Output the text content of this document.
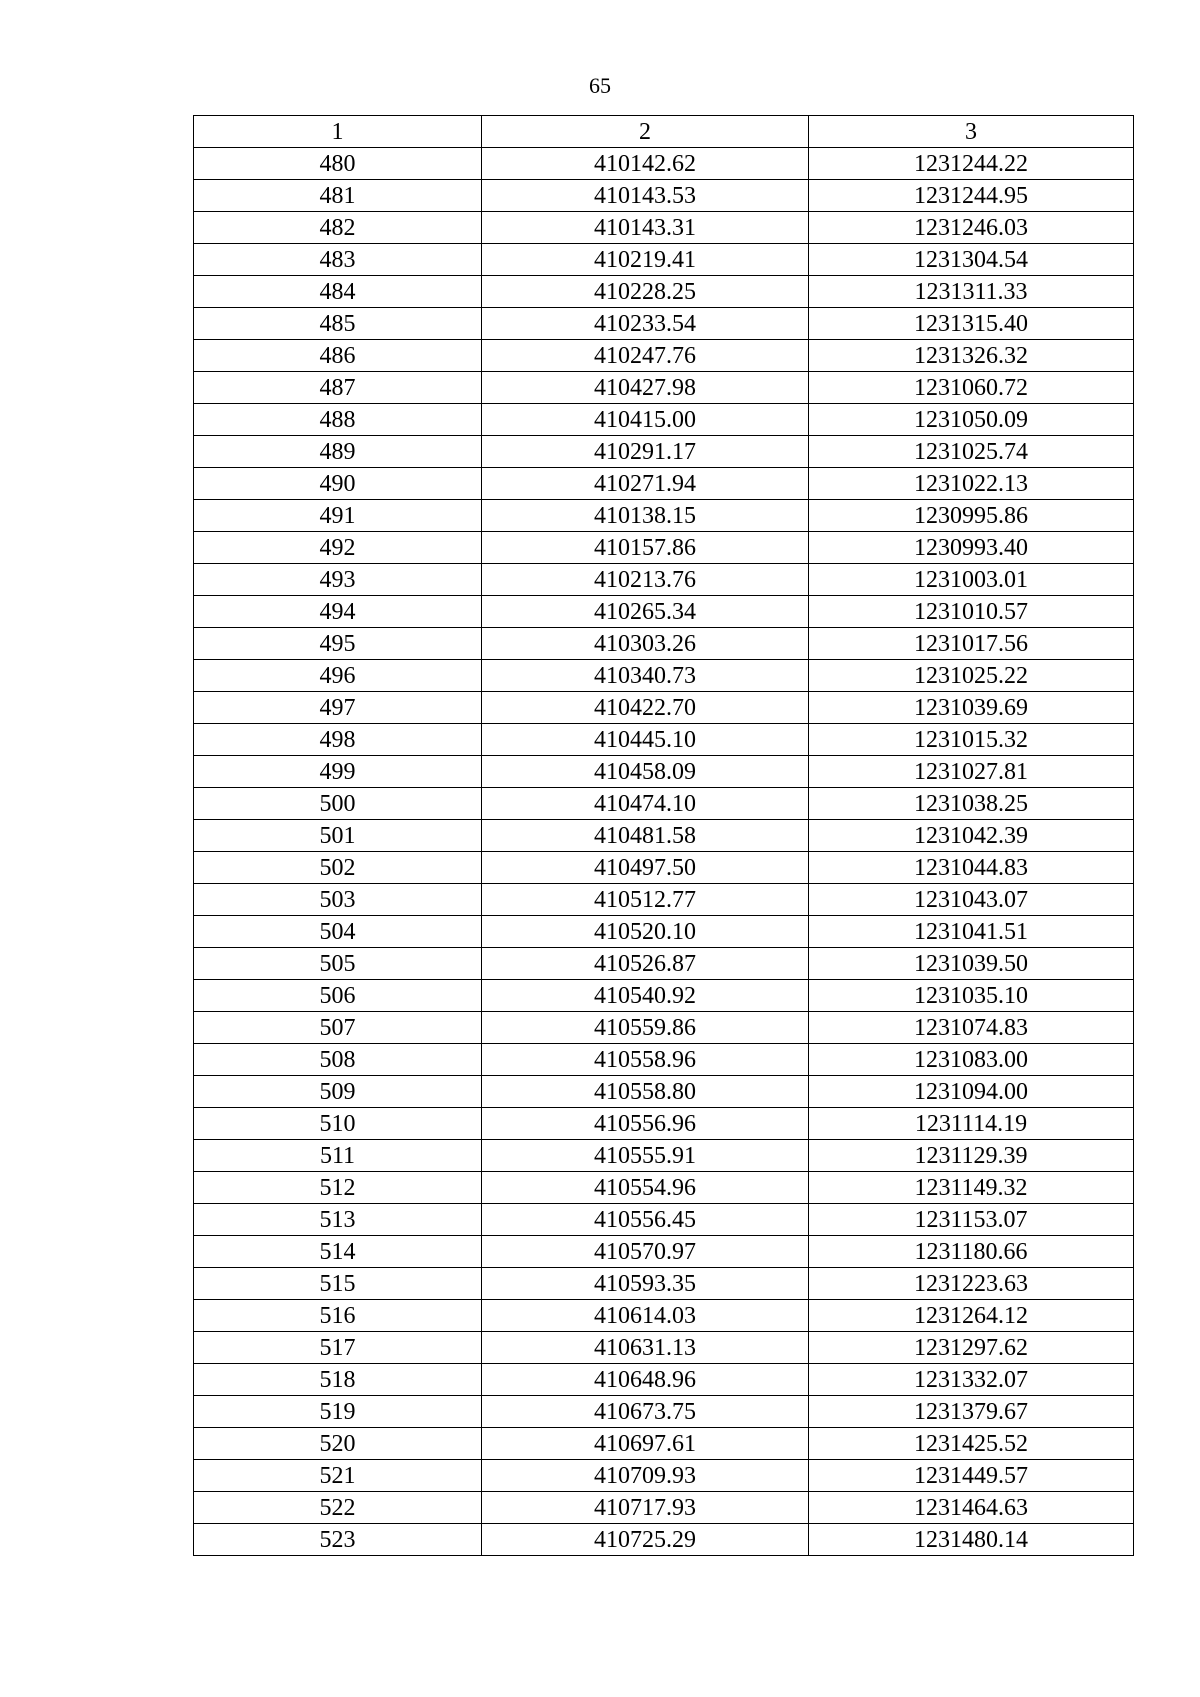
65
1	2	3
480	410142.62	1231244.22
481	410143.53	1231244.95
482	410143.31	1231246.03
483	410219.41	1231304.54
484	410228.25	1231311.33
485	410233.54	1231315.40
486	410247.76	1231326.32
487	410427.98	1231060.72
488	410415.00	1231050.09
489	410291.17	1231025.74
490	410271.94	1231022.13
491	410138.15	1230995.86
492	410157.86	1230993.40
493	410213.76	1231003.01
494	410265.34	1231010.57
495	410303.26	1231017.56
496	410340.73	1231025.22
497	410422.70	1231039.69
498	410445.10	1231015.32
499	410458.09	1231027.81
500	410474.10	1231038.25
501	410481.58	1231042.39
502	410497.50	1231044.83
503	410512.77	1231043.07
504	410520.10	1231041.51
505	410526.87	1231039.50
506	410540.92	1231035.10
507	410559.86	1231074.83
508	410558.96	1231083.00
509	410558.80	1231094.00
510	410556.96	1231114.19
511	410555.91	1231129.39
512	410554.96	1231149.32
513	410556.45	1231153.07
514	410570.97	1231180.66
515	410593.35	1231223.63
516	410614.03	1231264.12
517	410631.13	1231297.62
518	410648.96	1231332.07
519	410673.75	1231379.67
520	410697.61	1231425.52
521	410709.93	1231449.57
522	410717.93	1231464.63
523	410725.29	1231480.14
